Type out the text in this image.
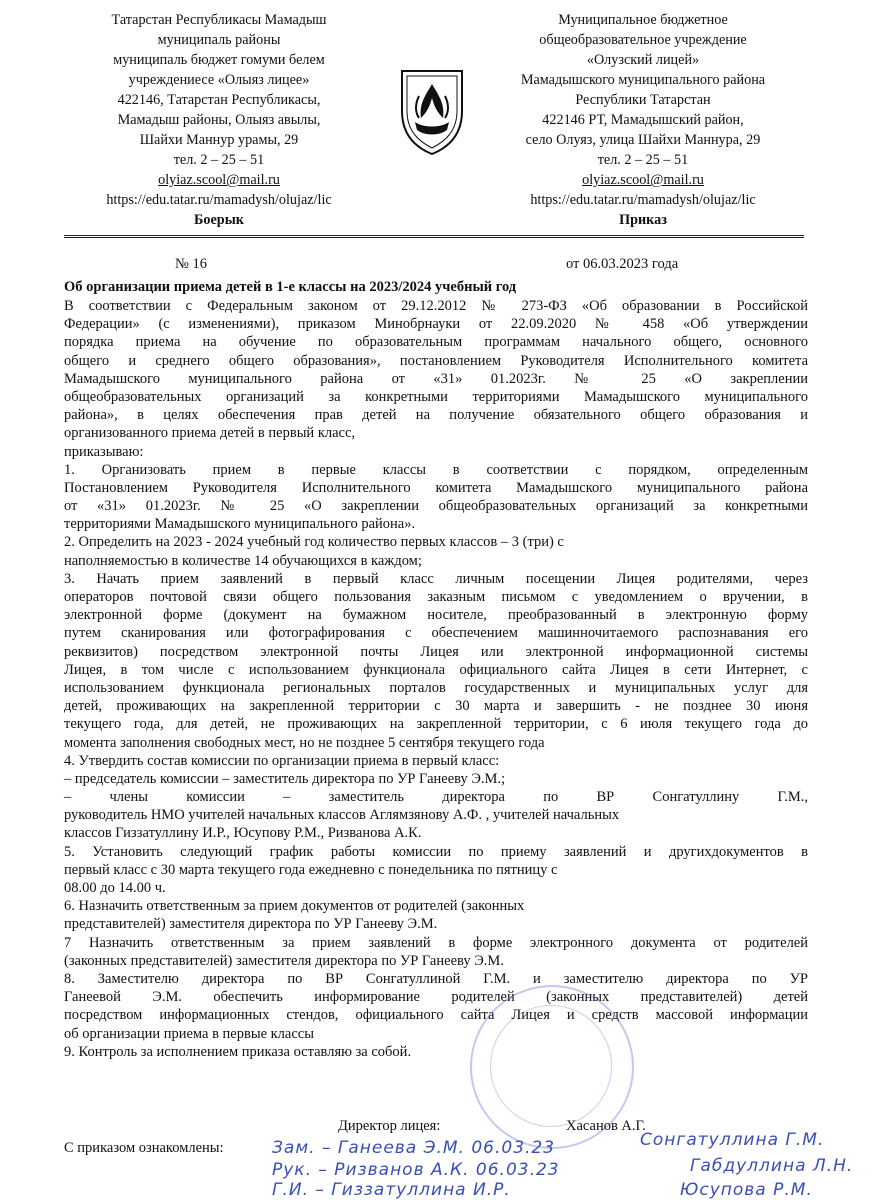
Татарстан Республикасы Мамадыш
муниципаль районы
муниципаль бюджет гомуми белем
учреждениесе «Олыяз лицее»
422146, Татарстан Республикасы,
Мамадыш районы, Олыяз авылы,
Шайхи Маннур урамы, 29
тел. 2 – 25 – 51
olyiaz.scool@mail.ru
https://edu.tatar.ru/mamadysh/olujaz/lic
Боерык
Муниципальное бюджетное
общеобразовательное учреждение
«Олузский лицей»
Мамадышского муниципального района
Республики Татарстан
422146 РТ, Мамадышский район,
село Олуяз, улица Шайхи Маннура, 29
тел. 2 – 25 – 51
olyiaz.scool@mail.ru
https://edu.tatar.ru/mamadysh/olujaz/lic
Приказ
№ 16	от 06.03.2023 года
Об организации приема детей в 1-е классы на 2023/2024 учебный год
В соответствии с Федеральным законом от 29.12.2012 № 273-ФЗ «Об образовании в Российской
Федерации» (с изменениями), приказом Минобрнауки от 22.09.2020 № 458 «Об утверждении
порядка приема на обучение по образовательным программам начального общего, основного
общего и среднего общего образования», постановлением Руководителя Исполнительного комитета
Мамадышского муниципального района от «31» 01.2023г. № 25 «О закреплении
общеобразовательных организаций за конкретными территориями Мамадышского муниципального
района», в целях обеспечения прав детей на получение обязательного общего образования и
организованного приема детей в первый класс,
приказываю:
1. Организовать прием в первые классы в соответствии с порядком, определенным
Постановлением Руководителя Исполнительного комитета Мамадышского муниципального района
от «31» 01.2023г. № 25 «О закреплении общеобразовательных организаций за конкретными
территориями Мамадышского муниципального района».
2. Определить на 2023 - 2024 учебный год количество первых классов – 3 (три) с
наполняемостью в количестве 14 обучающихся в каждом;
3. Начать прием заявлений в первый класс личным посещении Лицея родителями, через
операторов почтовой связи общего пользования заказным письмом с уведомлением о вручении, в
электронной форме (документ на бумажном носителе, преобразованный в электронную форму
путем сканирования или фотографирования с обеспечением машинночитаемого распознавания его
реквизитов) посредством электронной почты Лицея или электронной информационной системы
Лицея, в том числе с использованием функционала официального сайта Лицея в сети Интернет, с
использованием функционала региональных порталов государственных и муниципальных услуг для
детей, проживающих на закрепленной территории с 30 марта и завершить - не позднее 30 июня
текущего года, для детей, не проживающих на закрепленной территории, с 6 июля текущего года до
момента заполнения свободных мест, но не позднее 5 сентября текущего года
4. Утвердить состав комиссии по организации приема в первый класс:
– председатель комиссии – заместитель директора по УР Ганееву Э.М.;
– члены комиссии – заместитель директора по ВР Сонгатуллину Г.М.,
руководитель НМО учителей начальных классов Аглямзянову А.Ф. , учителей начальных
классов Гиззатуллину И.Р., Юсупову Р.М., Ризванова А.К.
5. Установить следующий график работы комиссии по приему заявлений и другихдокументов в
первый класс с 30 марта текущего года ежедневно с понедельника по пятницу с
08.00 до 14.00 ч.
6. Назначить ответственным за прием документов от родителей (законных
представителей) заместителя директора по УР Ганееву Э.М.
7 Назначить ответственным за прием заявлений в форме электронного документа от родителей
(законных представителей) заместителя директора по УР Ганееву Э.М.
8. Заместителю директора по ВР Сонгатуллиной Г.М. и заместителю директора по УР
Ганеевой Э.М. обеспечить информирование родителей (законных представителей) детей
посредством информационных стендов, официального сайта Лицея и средств массовой информации
об организации приема в первые классы
9. Контроль за исполнением приказа оставляю за собой.
Директор лицея:	Хасанов А.Г.
С приказом ознакомлены:	Зам. – Ганеева Э.М. 06.03.23	Сонгатуллина Г.М.
Рук. – Ризванов А.К. 06.03.23	Габдуллина Л.Н.
Г.И. – Гиззатуллина И.Р.	Юсупова Р.М.
